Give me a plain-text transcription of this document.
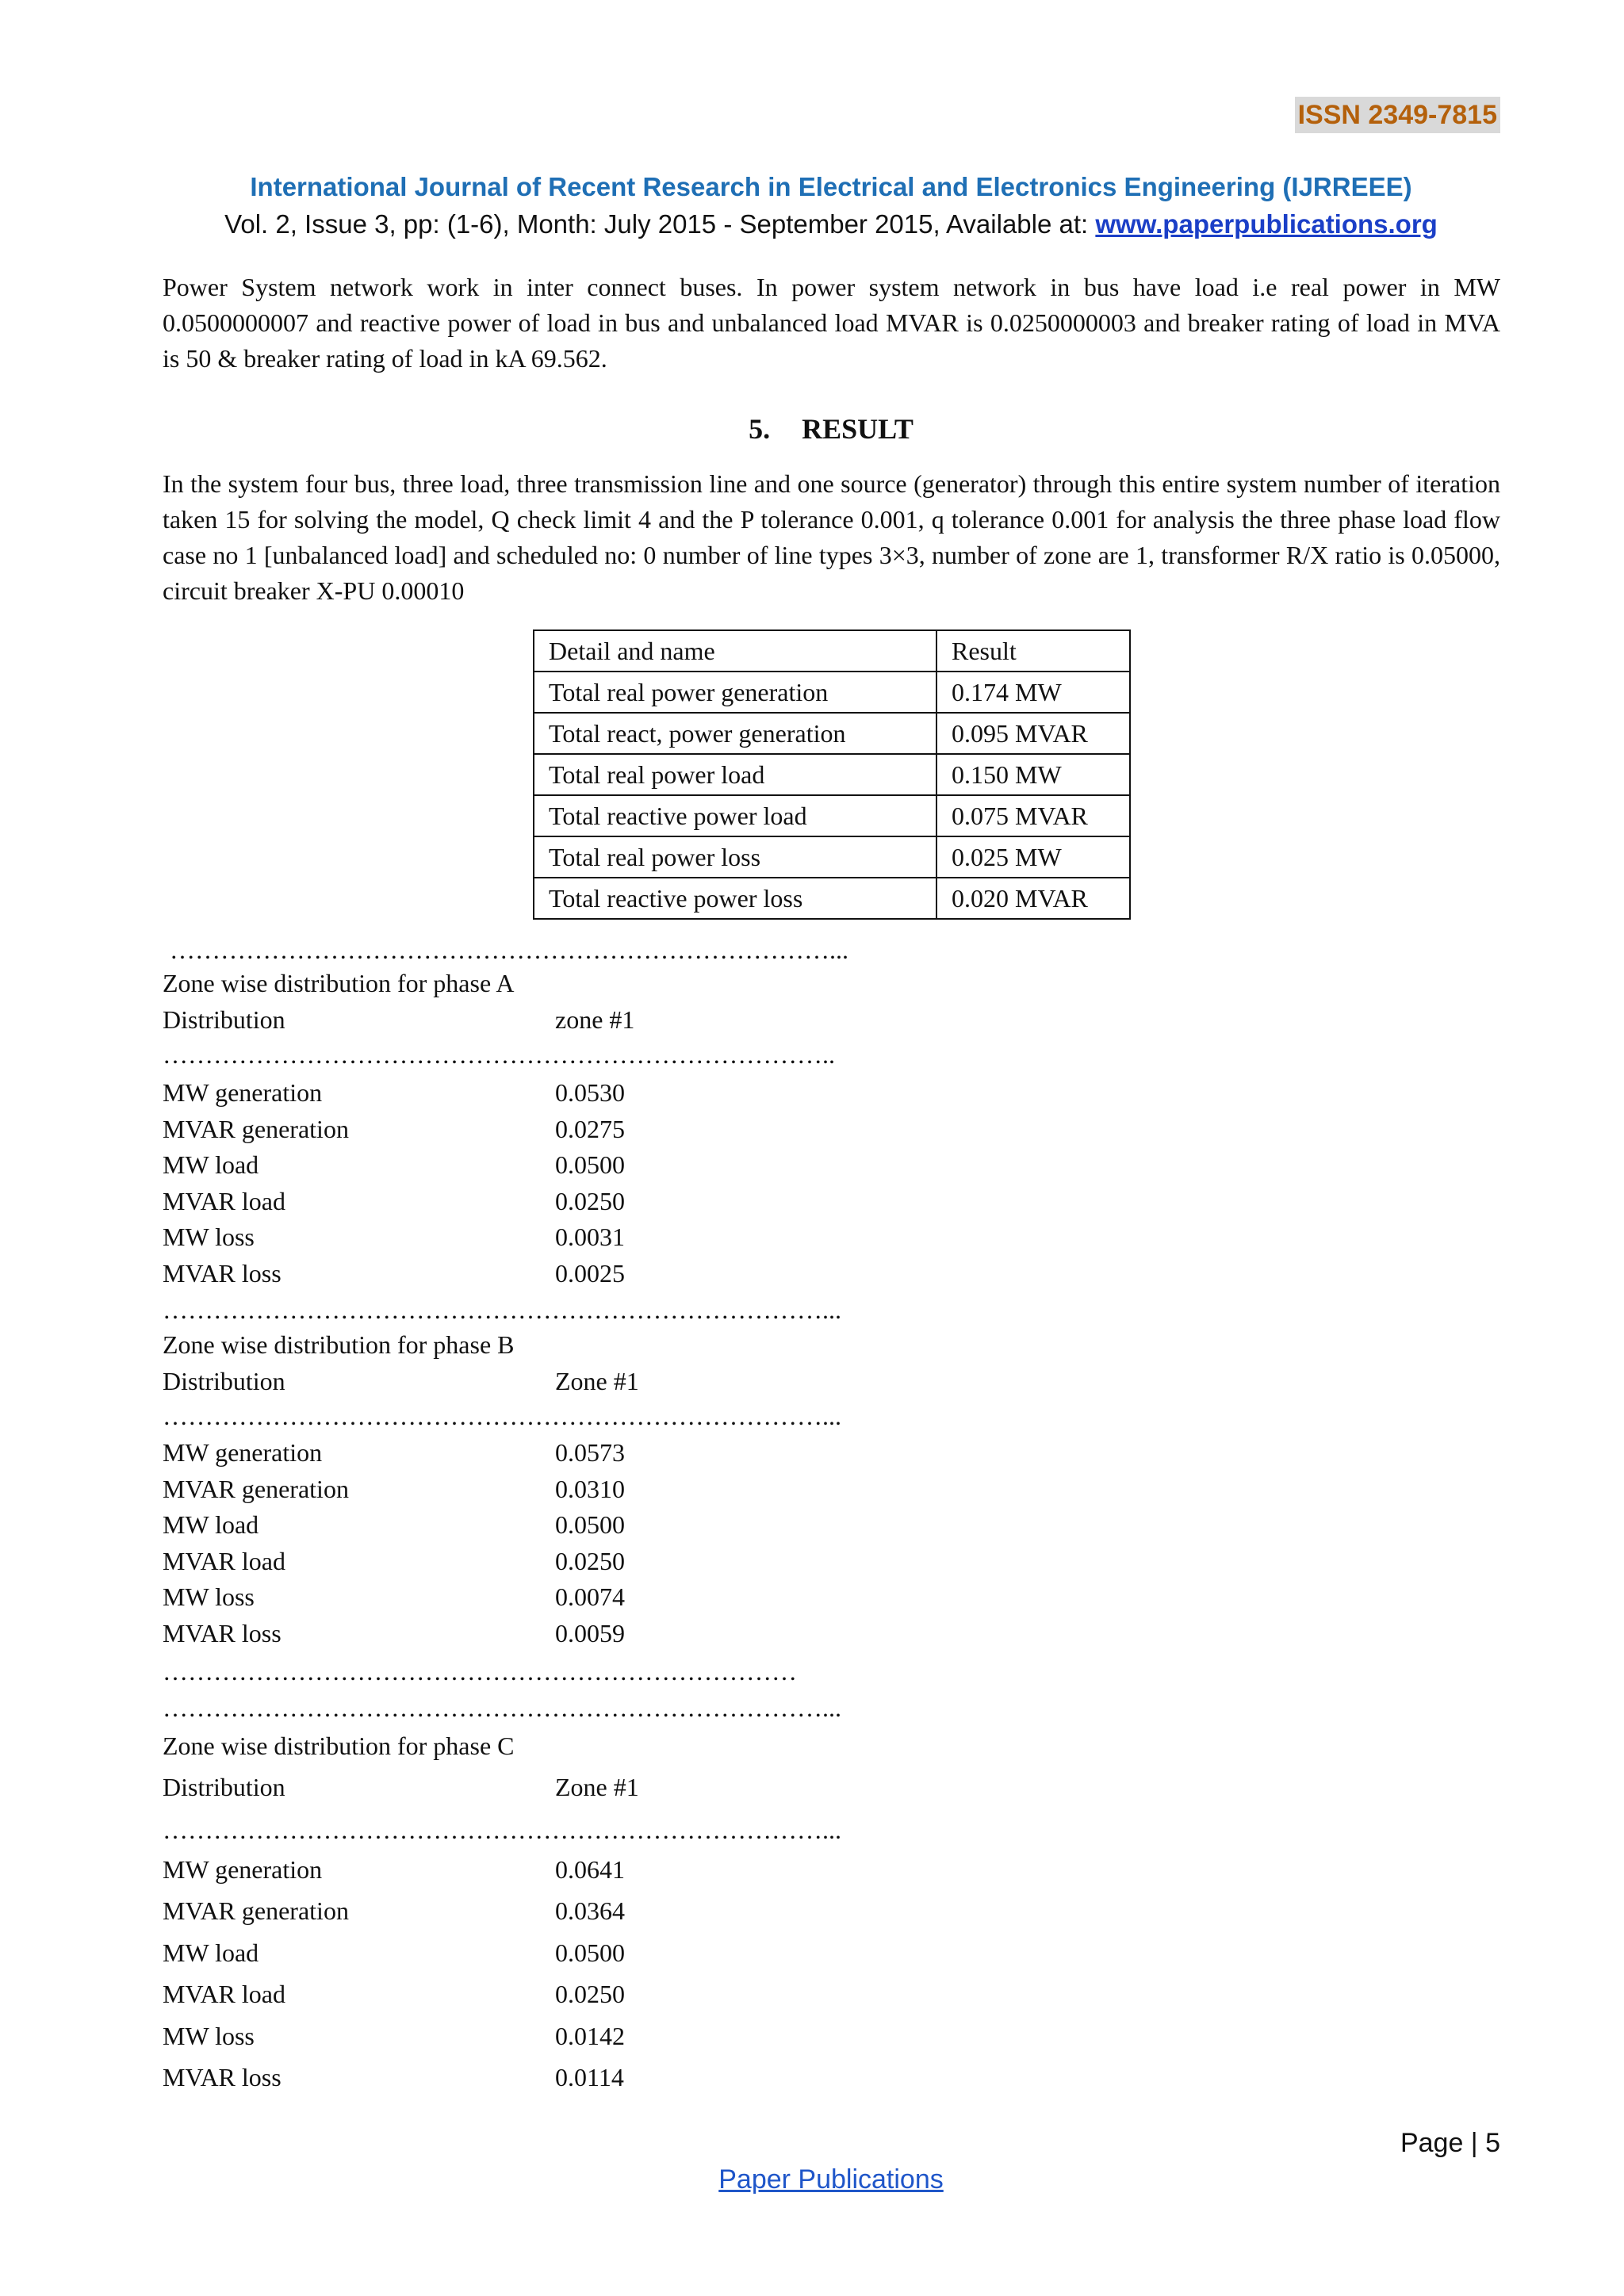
ISSN 2349-7815
International Journal of Recent Research in Electrical and Electronics Engineering (IJRREEE)
Vol. 2, Issue 3, pp: (1-6), Month: July 2015 - September 2015, Available at: www.paperpublications.org
Power System network work in inter connect buses. In power system network in bus have load i.e real power in MW 0.0500000007 and reactive power of load in bus and unbalanced load MVAR is 0.0250000003 and breaker rating of load in MVA is 50 & breaker rating of load in kA 69.562.
5. RESULT
In the system four bus, three load, three transmission line and one source (generator) through this entire system number of iteration taken 15 for solving the model, Q check limit 4 and the P tolerance 0.001, q tolerance 0.001 for analysis the three phase load flow case no 1 [unbalanced load] and scheduled no: 0 number of line types 3×3, number of zone are 1, transformer R/X ratio is 0.05000, circuit breaker X-PU 0.00010
Detail and name	Result
Total real power generation	0.174 MW
Total react, power generation	0.095 MVAR
Total real power load	0.150 MW
Total reactive power load	0.075 MVAR
Total real power loss	0.025 MW
Total reactive power loss	0.020 MVAR
……………………………………………………………………...
Zone wise distribution for phase A
Distribution	zone #1
……………………………………………………………………..
MW generation	0.0530
MVAR generation	0.0275
MW load	0.0500
MVAR load	0.0250
MW loss	0.0031
MVAR loss	0.0025
……………………………………………………………………...
Zone wise distribution for phase B
Distribution	Zone #1
……………………………………………………………………...
MW generation	0.0573
MVAR generation	0.0310
MW load	0.0500
MVAR load	0.0250
MW loss	0.0074
MVAR loss	0.0059
…………………………………………………………………
……………………………………………………………………...
Zone wise distribution for phase C
Distribution	Zone #1
……………………………………………………………………...
MW generation	0.0641
MVAR generation	0.0364
MW load	0.0500
MVAR load	0.0250
MW loss	0.0142
MVAR loss	0.0114
Page | 5
Paper Publications
